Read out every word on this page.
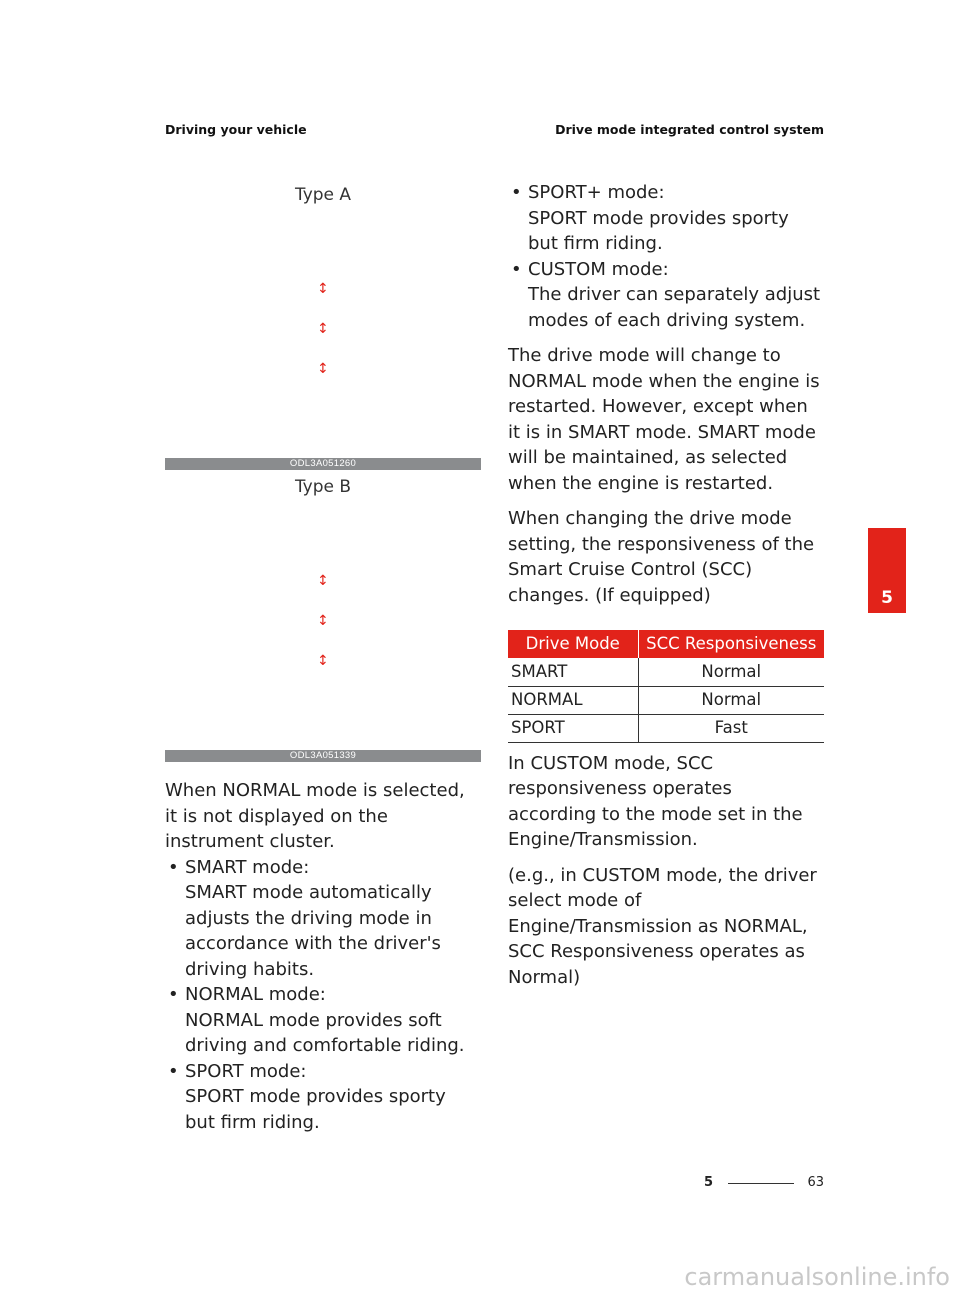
Driving your vehicle	Drive mode integrated control system
Type A
↕
↕
↕
ODL3A051260
Type B
↕
↕
↕
ODL3A051339

When NORMAL mode is selected, it is not displayed on the instrument cluster.

• SMART mode:
SMART mode automatically adjusts the driving mode in accordance with the driver's driving habits.
• NORMAL mode:
NORMAL mode provides soft driving and comfortable riding.
• SPORT mode:
SPORT mode provides sporty but firm riding.
• SPORT+ mode:
SPORT mode provides sporty but firm riding.
• CUSTOM mode:
The driver can separately adjust modes of each driving system.

The drive mode will change to NORMAL mode when the engine is restarted. However, except when it is in SMART mode. SMART mode will be maintained, as selected when the engine is restarted.

When changing the drive mode setting, the responsiveness of the Smart Cruise Control (SCC) changes. (If equipped)

Drive Mode	SCC Responsiveness
SMART	Normal
NORMAL	Normal
SPORT	Fast

In CUSTOM mode, SCC responsiveness operates according to the mode set in the Engine/Transmission.

(e.g., in CUSTOM mode, the driver select mode of Engine/Transmission as NORMAL, SCC Responsiveness operates as Normal)

5
5	63
carmanualsonline.info
